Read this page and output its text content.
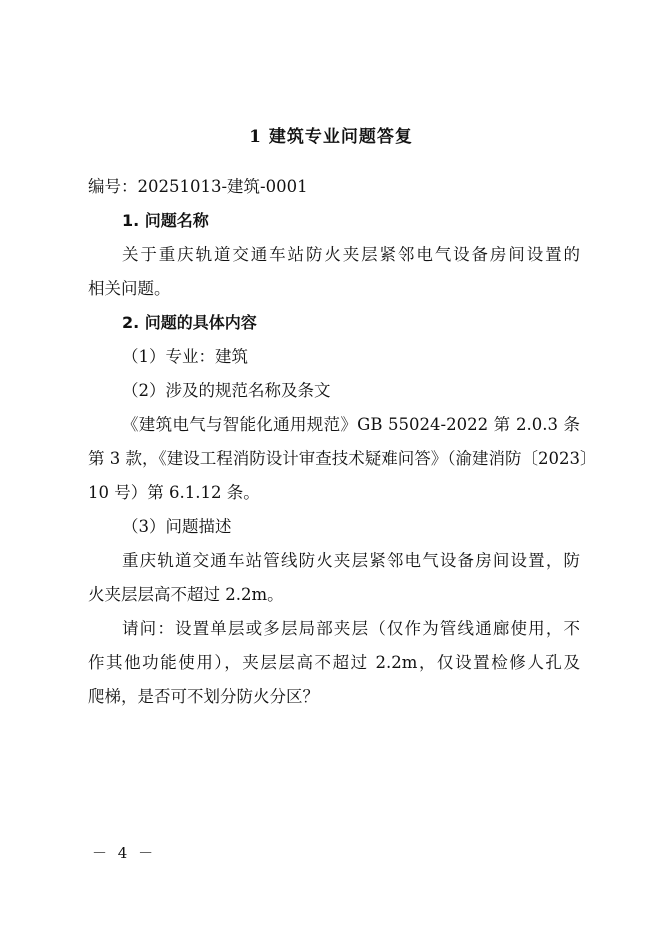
1 建筑专业问题答复
编号：20251013-建筑-0001
1. 问题名称
关于重庆轨道交通车站防火夹层紧邻电气设备房间设置的
相关问题。
2. 问题的具体内容
（1）专业：建筑
（2）涉及的规范名称及条文
《建筑电气与智能化通用规范》GB 55024-2022 第 2.0.3 条
第 3 款，《建设工程消防设计审查技术疑难问答》（渝建消防〔2023〕
10 号）第 6.1.12 条。
（3）问题描述
重庆轨道交通车站管线防火夹层紧邻电气设备房间设置，防
火夹层层高不超过 2.2m。
请问：设置单层或多层局部夹层（仅作为管线通廊使用，不
作其他功能使用），夹层层高不超过 2.2m，仅设置检修人孔及
爬梯，是否可不划分防火分区？
－ 4 －
